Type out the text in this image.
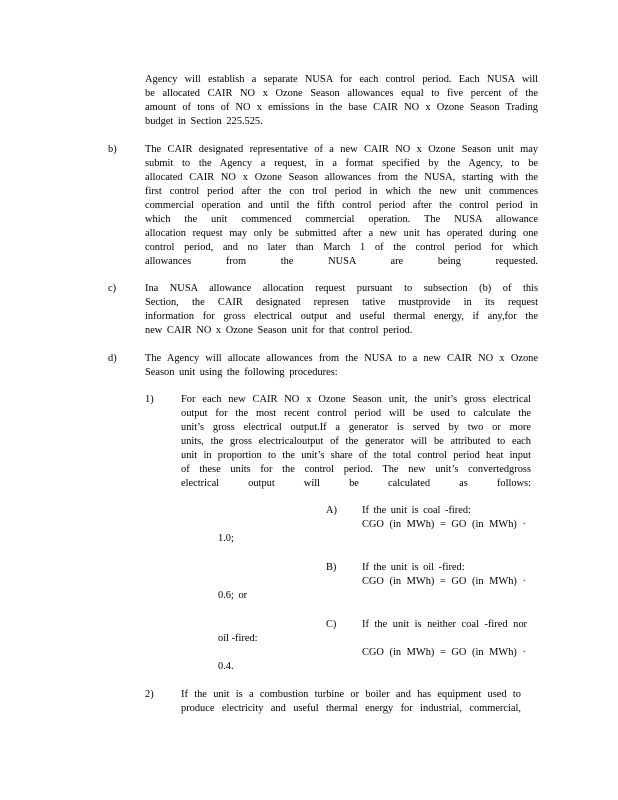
Agency will establish a separate NUSA for each control period. Each NUSA will
be allocated CAIR NO x Ozone Season allowances equal to five percent of the
amount of tons of NO x emissions in the base CAIR NO x Ozone Season Trading
budget in Section 225.525.
b)	The CAIR designated representative of a new CAIR NO x Ozone Season unit may
submit to the Agency a request, in a format specified by the Agency, to be
allocated CAIR NO x Ozone Season allowances from the NUSA, starting with the
first control period after the con trol period in which the new unit commences
commercial operation and until the fifth control period after the control period in
which the unit commenced commercial operation. The NUSA allowance
allocation request may only be submitted after a new unit has operated during one
control period, and no later than March 1 of the control period for which
allowances from the NUSA are being requested.
c)	Ina NUSA allowance allocation request pursuant to subsection (b) of this
Section, the CAIR designated represen tative mustprovide in its request
information for gross electrical output and useful thermal energy, if any,for the
new CAIR NO x Ozone Season unit for that control period.
d)	The Agency will allocate allowances from the NUSA to a new CAIR NO x Ozone
Season unit using the following procedures:
1)	For each new CAIR NO x Ozone Season unit, the unit’s gross electrical
output for the most recent control period will be used to calculate the
unit’s gross electrical output.If a generator is served by two or more
units, the gross electricaloutput of the generator will be attributed to each
unit in proportion to the unit’s share of the total control period heat input
of these units for the control period. The new unit’s convertedgross
electrical output will be calculated as follows:
A) If the unit is coal -fired:
CGO (in MWh) = GO (in MWh) ·
1.0;
B) If the unit is oil -fired:
CGO (in MWh) = GO (in MWh) ·
0.6; or
C) If the unit is neither coal -fired nor
oil -fired:
CGO (in MWh) = GO (in MWh) ·
0.4.
2)	If the unit is a combustion turbine or boiler and has equipment used to
produce electricity and useful thermal energy for industrial, commercial,
